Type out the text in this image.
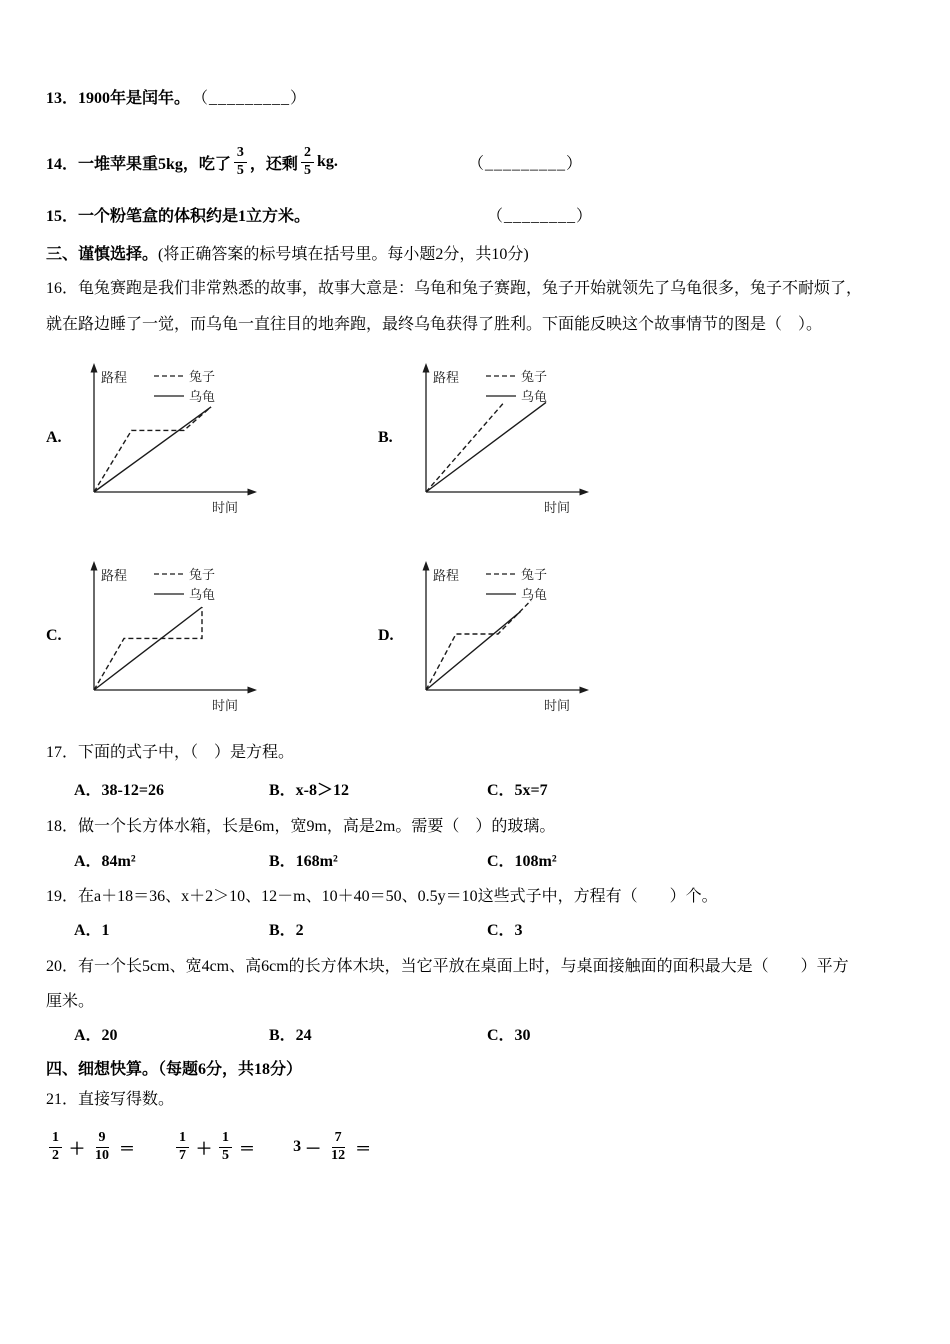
13．1900年是闰年。 （_________）
14． 一堆苹果重5kg，吃了 $\frac{3}{5}$ ，还剩 $\frac{2}{5}$ kg.	（_________）
15．一个粉笔盒的体积约是1立方米。	（________）
三、谨慎选择。(将正确答案的标号填在括号里。每小题2分，共10分)
16．龟兔赛跑是我们非常熟悉的故事，故事大意是：乌龟和兔子赛跑，兔子开始就领先了乌龟很多，兔子不耐烦了，
就在路边睡了一觉，而乌龟一直往目的地奔跑，最终乌龟获得了胜利。下面能反映这个故事情节的图是（　）。
A.
路程
时间
兔子
乌龟
B.
路程
时间
兔子
乌龟
C.
路程
时间
兔子
乌龟
D.
路程
时间
兔子
乌龟
17．下面的式子中，（　）是方程。
A．38-12=26	B．x-8＞12	C．5x=7
18．做一个长方体水箱，长是6m，宽9m，高是2m。需要（　）的玻璃。
A．84m²	B．168m²	C．108m²
19．在a＋18＝36、x＋2＞10、12－m、10＋40＝50、0.5y＝10这些式子中，方程有（　　）个。
A．1	B．2	C．3
20．有一个长5cm、宽4cm、高6cm的长方体木块，当它平放在桌面上时，与桌面接触面的面积最大是（　　）平方
厘米。
A．20	B．24	C．30
四、细想快算。（每题6分，共18分）
21．直接写得数。
$\frac{1}{2} + \frac{9}{10}$ ＝	$\frac{1}{7} + \frac{1}{5} = 3 - \frac{7}{12}$ ＝
